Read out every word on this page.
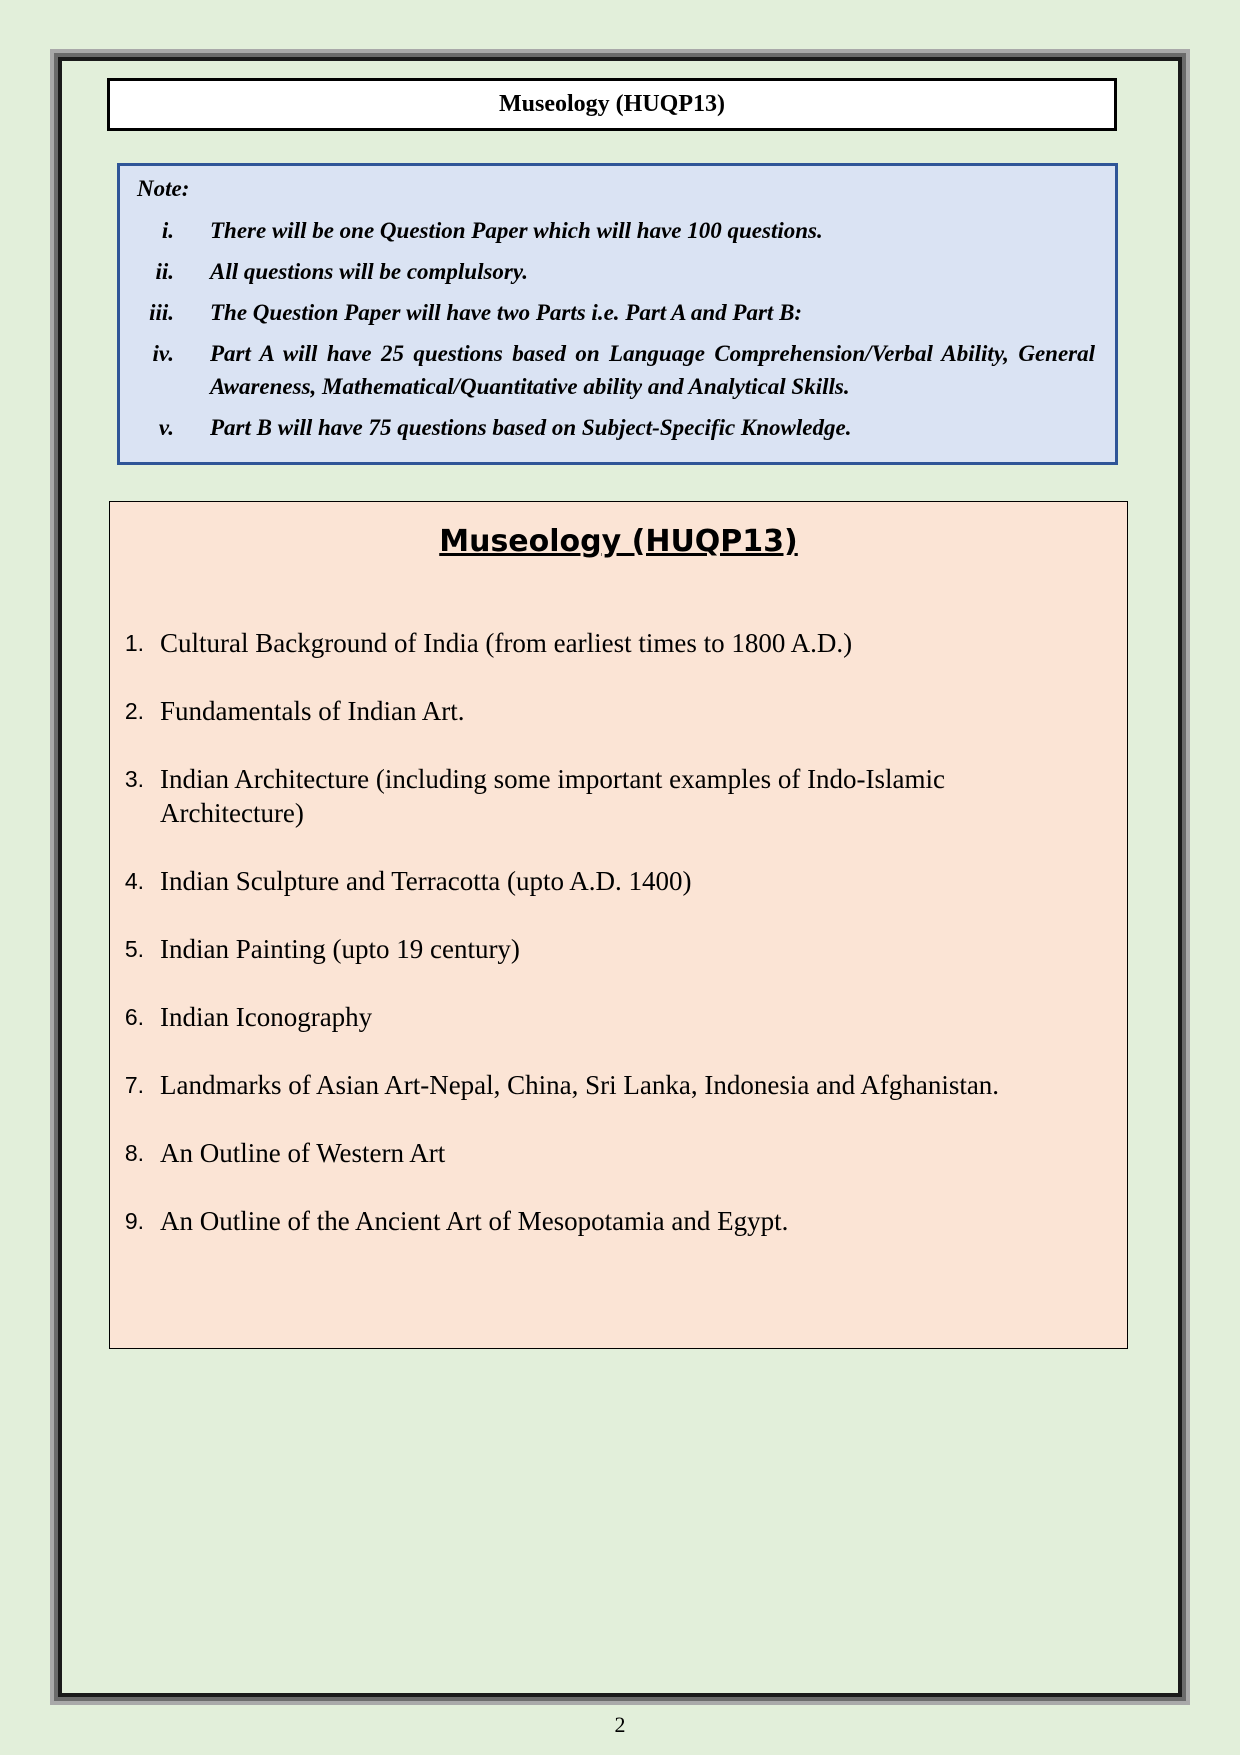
Museology (HUQP13)
Note:
i. There will be one Question Paper which will have 100 questions.
ii. All questions will be complulsory.
iii. The Question Paper will have two Parts i.e. Part A and Part B:
iv. Part A will have 25 questions based on Language Comprehension/Verbal Ability, General Awareness, Mathematical/Quantitative ability and Analytical Skills.
v. Part B will have 75 questions based on Subject-Specific Knowledge.
Museology (HUQP13)
1. Cultural Background of India (from earliest times to 1800 A.D.)
2. Fundamentals of Indian Art.
3. Indian Architecture (including some important examples of Indo-Islamic Architecture)
4. Indian Sculpture and Terracotta (upto A.D. 1400)
5. Indian Painting (upto 19 century)
6. Indian Iconography
7. Landmarks of Asian Art-Nepal, China, Sri Lanka, Indonesia and Afghanistan.
8. An Outline of Western Art
9. An Outline of the Ancient Art of Mesopotamia and Egypt.
2
